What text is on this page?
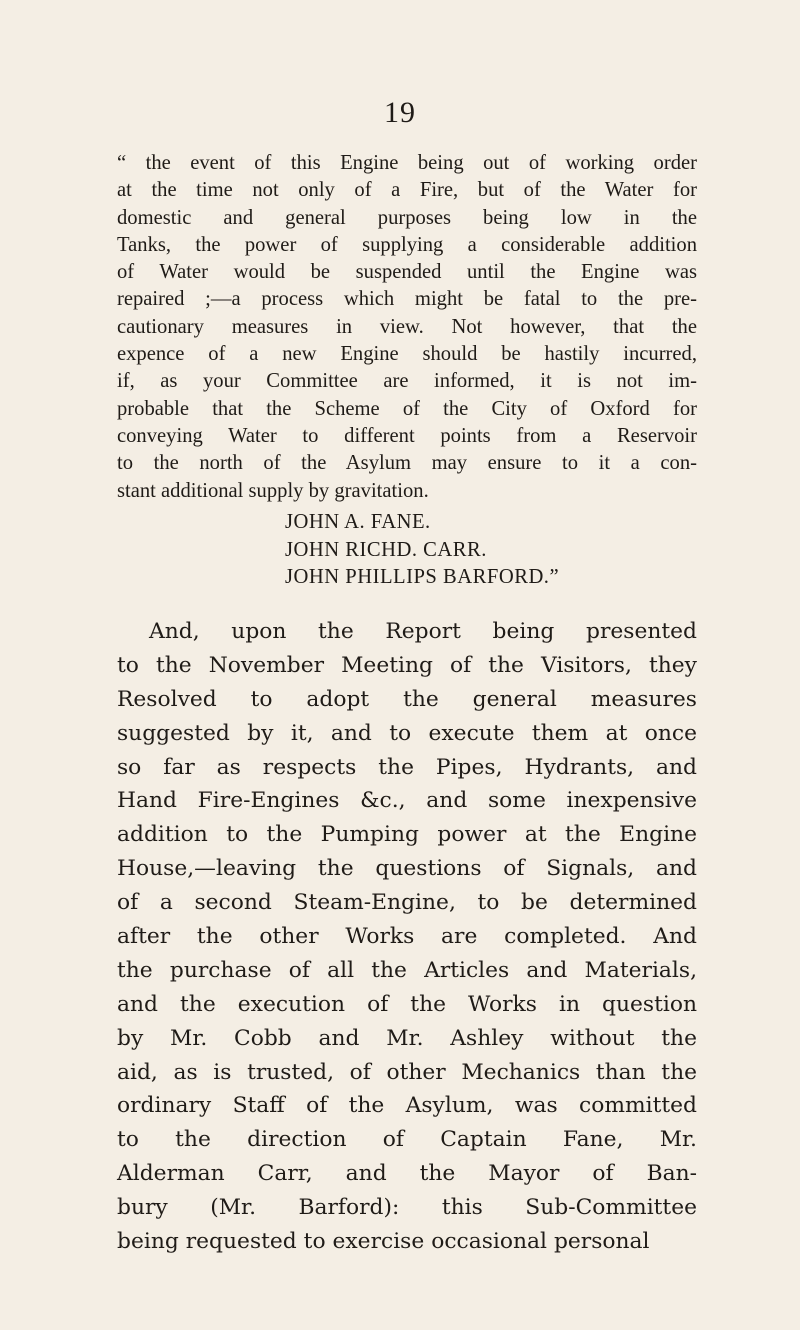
19
“ the event of this Engine being out of working order
at the time not only of a Fire, but of the Water for
domestic and general purposes being low in the
Tanks, the power of supplying a considerable addition
of Water would be suspended until the Engine was
repaired ;—a process which might be fatal to the pre-
cautionary measures in view. Not however, that the
expence of a new Engine should be hastily incurred,
if, as your Committee are informed, it is not im-
probable that the Scheme of the City of Oxford for
conveying Water to different points from a Reservoir
to the north of the Asylum may ensure to it a con-
stant additional supply by gravitation.
JOHN A. FANE.
JOHN RICHD. CARR.
JOHN PHILLIPS BARFORD.”
And, upon the Report being presented
to the November Meeting of the Visitors, they
Resolved to adopt the general measures
suggested by it, and to execute them at once
so far as respects the Pipes, Hydrants, and
Hand Fire-Engines &c., and some inexpensive
addition to the Pumping power at the Engine
House,—leaving the questions of Signals, and
of a second Steam-Engine, to be determined
after the other Works are completed. And
the purchase of all the Articles and Materials,
and the execution of the Works in question
by Mr. Cobb and Mr. Ashley without the
aid, as is trusted, of other Mechanics than the
ordinary Staff of the Asylum, was committed
to the direction of Captain Fane, Mr.
Alderman Carr, and the Mayor of Ban-
bury (Mr. Barford): this Sub-Committee
being requested to exercise occasional personal
